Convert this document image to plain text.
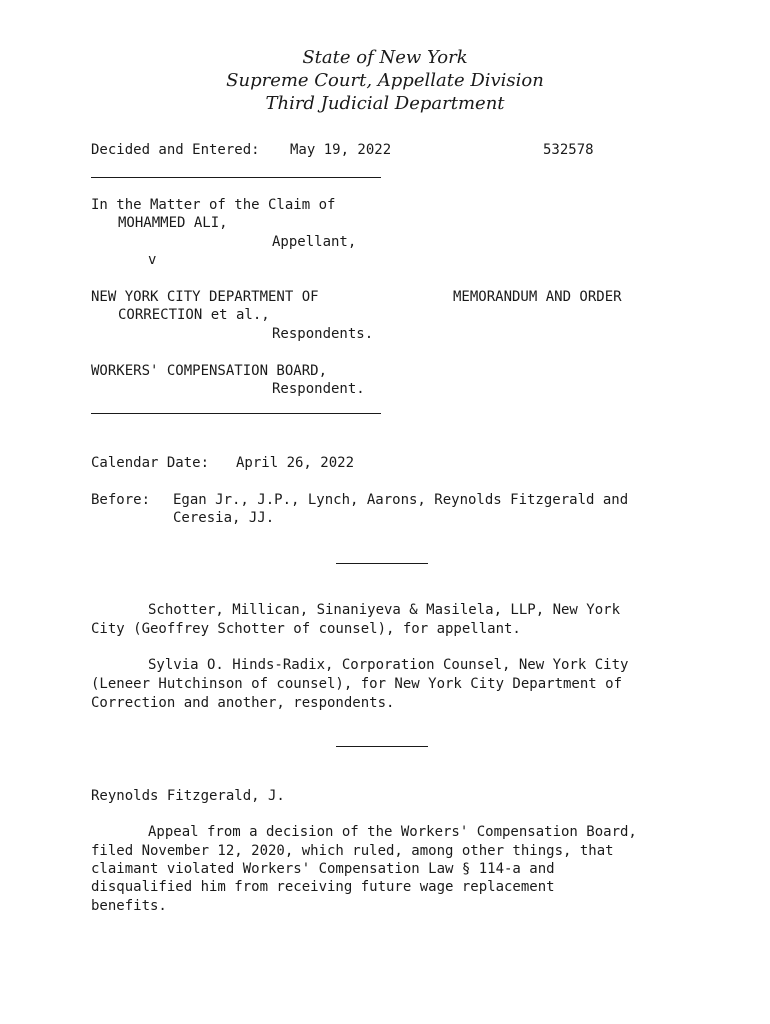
State of New York
Supreme Court, Appellate Division
Third Judicial Department
Decided and Entered: May 19, 2022	532578
In the Matter of the Claim of
MOHAMMED ALI,
Appellant,
v
NEW YORK CITY DEPARTMENT OF	MEMORANDUM AND ORDER
CORRECTION et al.,
Respondents.
WORKERS' COMPENSATION BOARD,
Respondent.
Calendar Date: April 26, 2022
Before: Egan Jr., J.P., Lynch, Aarons, Reynolds Fitzgerald and
Ceresia, JJ.
Schotter, Millican, Sinaniyeva & Masilela, LLP, New York
City (Geoffrey Schotter of counsel), for appellant.
Sylvia O. Hinds-Radix, Corporation Counsel, New York City
(Leneer Hutchinson of counsel), for New York City Department of
Correction and another, respondents.
Reynolds Fitzgerald, J.
Appeal from a decision of the Workers' Compensation Board,
filed November 12, 2020, which ruled, among other things, that
claimant violated Workers' Compensation Law § 114-a and
disqualified him from receiving future wage replacement
benefits.
